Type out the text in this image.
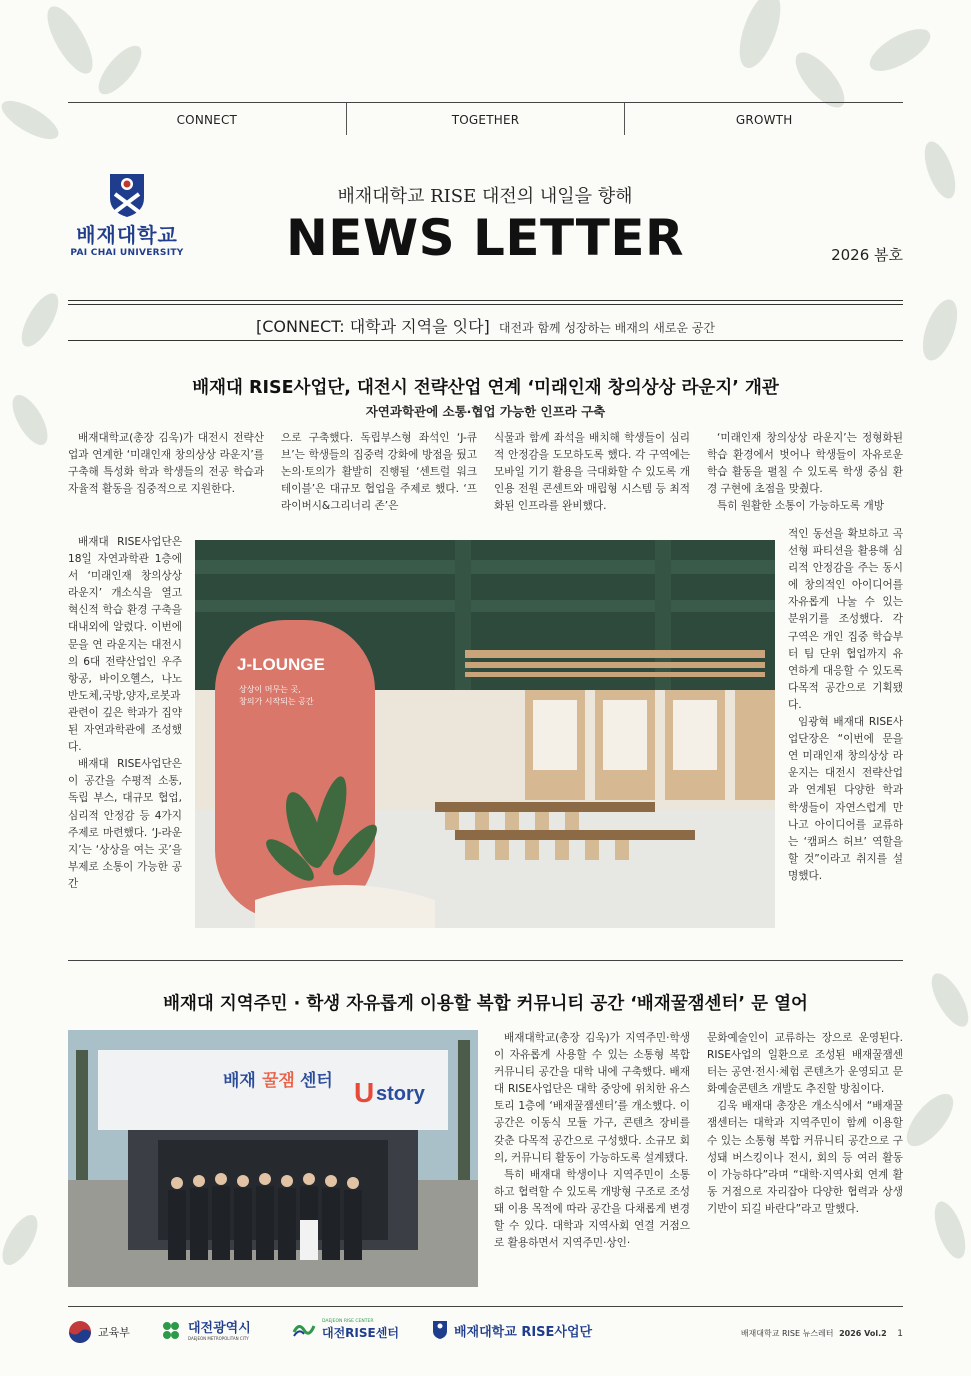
CONNECT	TOGETHER	GROWTH
배재대학교
PAI CHAI UNIVERSITY
배재대학교 RISE 대전의 내일을 향해
NEWS LETTER	2026 봄호
[CONNECT: 대학과 지역을 잇다] 대전과 함께 성장하는 배재의 새로운 공간
배재대 RISE사업단, 대전시 전략산업 연계 ‘미래인재 창의상상 라운지’ 개관
자연과학관에 소통·협업 가능한 인프라 구축

배재대학교(총장 김욱)가 대전시 전략산업과 연계한 ‘미래인재 창의상상 라운지’를 구축해 특성화 학과 학생들의 전공 학습과 자율적 활동을 집중적으로 지원한다.

으로 구축했다. 독립부스형 좌석인 ‘J-큐브’는 학생들의 집중력 강화에 방점을 뒀고 논의·토의가 활발히 진행될 ‘센트럴 워크 테이블’은 대규모 협업을 주제로 했다. ‘프라이버시&그리너리 존’은

식물과 함께 좌석을 배치해 학생들이 심리적 안정감을 도모하도록 했다. 각 구역에는 모바일 기기 활용을 극대화할 수 있도록 개인용 전원 콘센트와 매립형 시스템 등 최적화된 인프라를 완비했다.

‘미래인재 창의상상 라운지’는 정형화된 학습 환경에서 벗어나 학생들이 자유로운 학습 활동을 펼칠 수 있도록 학생 중심 환경 구현에 초점을 맞췄다.

특히 원활한 소통이 가능하도록 개방

배재대 RISE사업단은 18일 자연과학관 1층에서 ‘미래인재 창의상상 라운지’ 개소식을 열고 혁신적 학습 환경 구축을 대내외에 알렸다. 이번에 문을 연 라운지는 대전시의 6대 전략산업인 우주항공, 바이오헬스, 나노반도체,국방,양자,로봇과 관련이 깊은 학과가 집약된 자연과학관에 조성했다.

배재대 RISE사업단은 이 공간을 수평적 소통, 독립 부스, 대규모 협업, 심리적 안정감 등 4가지 주제로 마련했다. ‘J-라운지’는 ‘상상을 여는 곳’을 부제로 소통이 가능한 공간

적인 동선을 확보하고 곡선형 파티션을 활용해 심리적 안정감을 주는 동시에 창의적인 아이디어를 자유롭게 나눌 수 있는 분위기를 조성했다. 각 구역은 개인 집중 학습부터 팀 단위 협업까지 유연하게 대응할 수 있도록 다목적 공간으로 기획됐다.

임광혁 배재대 RISE사업단장은 “이번에 문을 연 미래인재 창의상상 라운지는 대전시 전략산업과 연계된 다양한 학과 학생들이 자연스럽게 만나고 아이디어를 교류하는 ‘캠퍼스 허브’ 역할을 할 것”이라고 취지를 설명했다.

J-LOUNGE
상상이 머무는 곳,
창의가 시작되는 공간
배재대 지역주민 · 학생 자유롭게 이용할 복합 커뮤니티 공간 ‘배재꿀잼센터’ 문 열어
배재 꿀잼 센터 U story

배재대학교(총장 김욱)가 지역주민·학생이 자유롭게 사용할 수 있는 소통형 복합 커뮤니티 공간을 대학 내에 구축했다. 배재대 RISE사업단은 대학 중앙에 위치한 유스토리 1층에 ‘배재꿀잼센터’를 개소했다. 이 공간은 이동식 모듈 가구, 콘텐츠 장비를 갖춘 다목적 공간으로 구성했다. 소규모 회의, 커뮤니티 활동이 가능하도록 설계됐다.

특히 배재대 학생이나 지역주민이 소통하고 협력할 수 있도록 개방형 구조로 조성돼 이용 목적에 따라 공간을 다채롭게 변경할 수 있다. 대학과 지역사회 연결 거점으로 활용하면서 지역주민·상인·

문화예술인이 교류하는 장으로 운영된다. RISE사업의 일환으로 조성된 배재꿀잼센터는 공연·전시·체험 콘텐츠가 운영되고 문화예술콘텐츠 개발도 추진할 방침이다.

김욱 배재대 총장은 개소식에서 “배재꿀잼센터는 대학과 지역주민이 함께 이용할 수 있는 소통형 복합 커뮤니티 공간으로 구성돼 버스킹이나 전시, 회의 등 여러 활동이 가능하다”라며 “대학·지역사회 연계 활동 거점으로 자리잡아 다양한 협력과 상생 기반이 되길 바란다”라고 말했다.

교육부	대전광역시
DAEJEON METROPOLITAN CITY
DAEJEON RISE CENTER
대전RISE센터	배재대학교 RISE사업단	배재대학교 RISE 뉴스레터 2026 Vol.2 1
